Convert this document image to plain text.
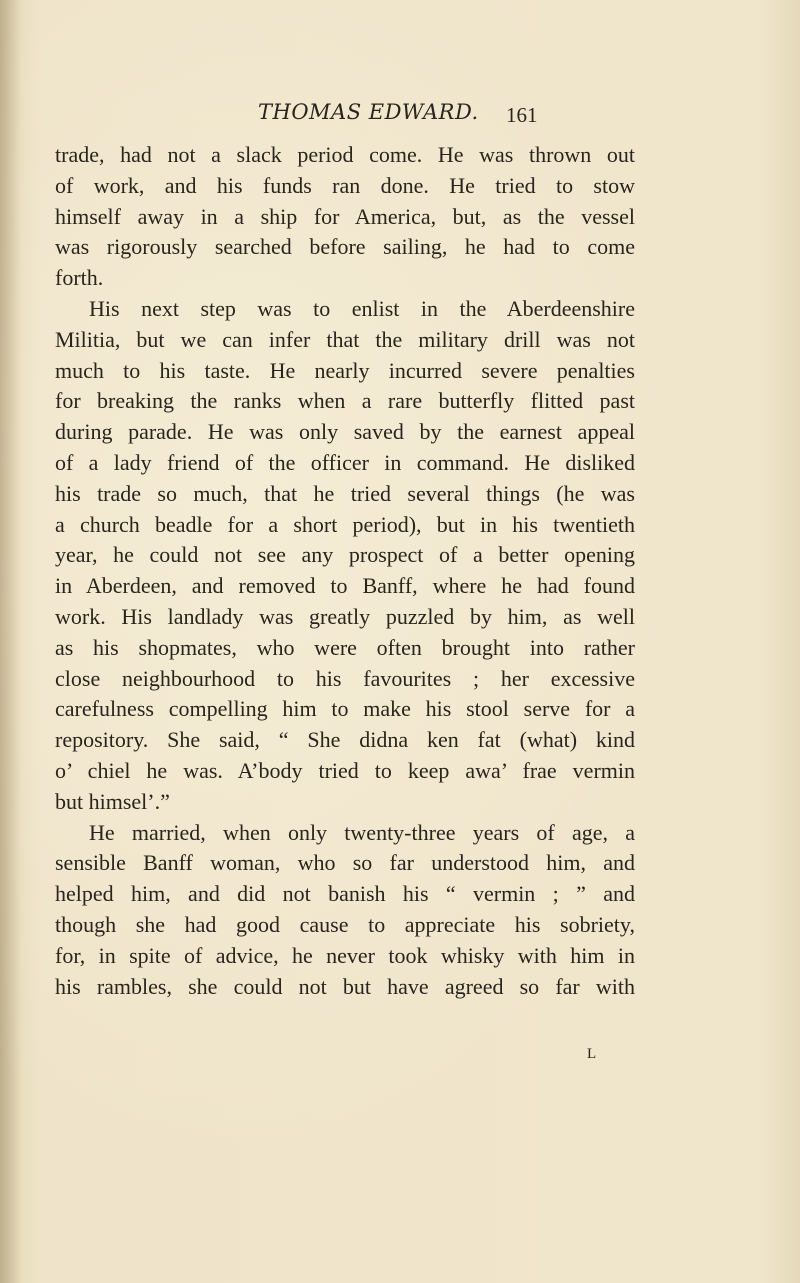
THOMAS EDWARD. 161
trade, had not a slack period come. He was thrown out
of work, and his funds ran done. He tried to stow
himself away in a ship for America, but, as the vessel
was rigorously searched before sailing, he had to come
forth.
His next step was to enlist in the Aberdeenshire
Militia, but we can infer that the military drill was not
much to his taste. He nearly incurred severe penalties
for breaking the ranks when a rare butterfly flitted past
during parade. He was only saved by the earnest appeal
of a lady friend of the officer in command. He disliked
his trade so much, that he tried several things (he was
a church beadle for a short period), but in his twentieth
year, he could not see any prospect of a better opening
in Aberdeen, and removed to Banff, where he had found
work. His landlady was greatly puzzled by him, as well
as his shopmates, who were often brought into rather
close neighbourhood to his favourites ; her excessive
carefulness compelling him to make his stool serve for a
repository. She said, “ She didna ken fat (what) kind
o’ chiel he was. A’body tried to keep awa’ frae vermin
but himsel’.”
He married, when only twenty-three years of age, a
sensible Banff woman, who so far understood him, and
helped him, and did not banish his “ vermin ; ” and
though she had good cause to appreciate his sobriety,
for, in spite of advice, he never took whisky with him in
his rambles, she could not but have agreed so far with
L
